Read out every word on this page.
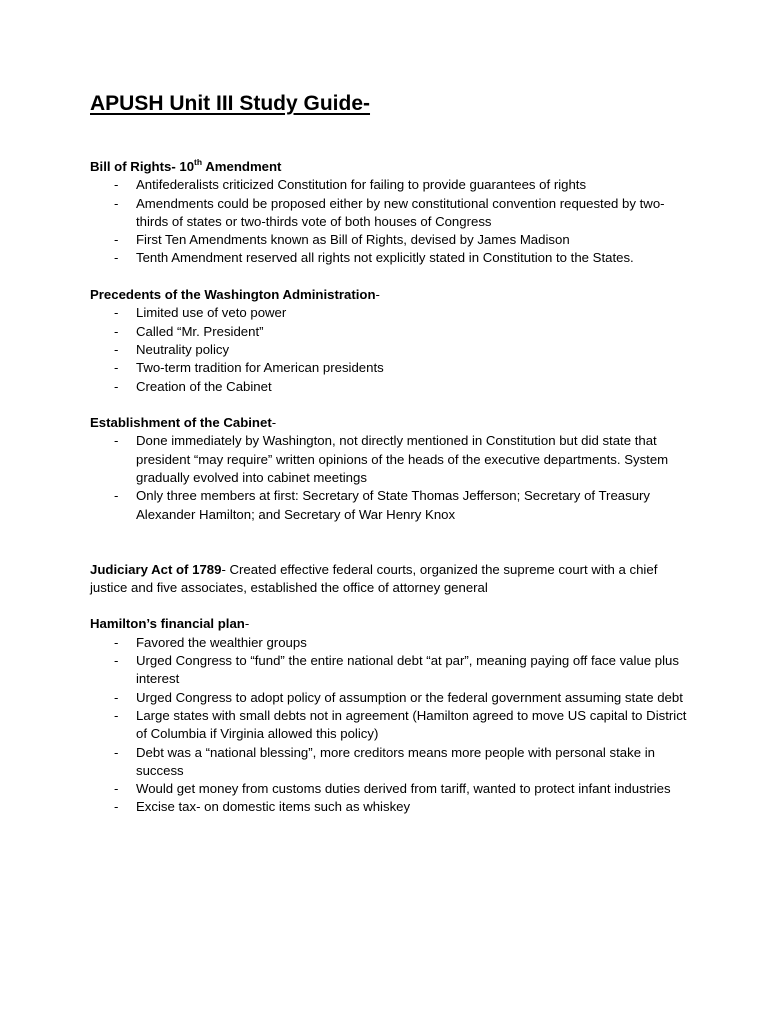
APUSH Unit III Study Guide-
Bill of Rights- 10th Amendment
- Antifederalists criticized Constitution for failing to provide guarantees of rights
- Amendments could be proposed either by new constitutional convention requested by two-thirds of states or two-thirds vote of both houses of Congress
- First Ten Amendments known as Bill of Rights, devised by James Madison
- Tenth Amendment reserved all rights not explicitly stated in Constitution to the States.
Precedents of the Washington Administration-
- Limited use of veto power
- Called “Mr. President”
- Neutrality policy
- Two-term tradition for American presidents
- Creation of the Cabinet
Establishment of the Cabinet-
- Done immediately by Washington, not directly mentioned in Constitution but did state that president “may require” written opinions of the heads of the executive departments. System gradually evolved into cabinet meetings
- Only three members at first: Secretary of State Thomas Jefferson; Secretary of Treasury Alexander Hamilton; and Secretary of War Henry Knox
Judiciary Act of 1789- Created effective federal courts, organized the supreme court with a chief justice and five associates, established the office of attorney general
Hamilton’s financial plan-
- Favored the wealthier groups
- Urged Congress to “fund” the entire national debt “at par”, meaning paying off face value plus interest
- Urged Congress to adopt policy of assumption or the federal government assuming state debt
- Large states with small debts not in agreement (Hamilton agreed to move US capital to District of Columbia if Virginia allowed this policy)
- Debt was a “national blessing”, more creditors means more people with personal stake in success
- Would get money from customs duties derived from tariff, wanted to protect infant industries
- Excise tax- on domestic items such as whiskey
